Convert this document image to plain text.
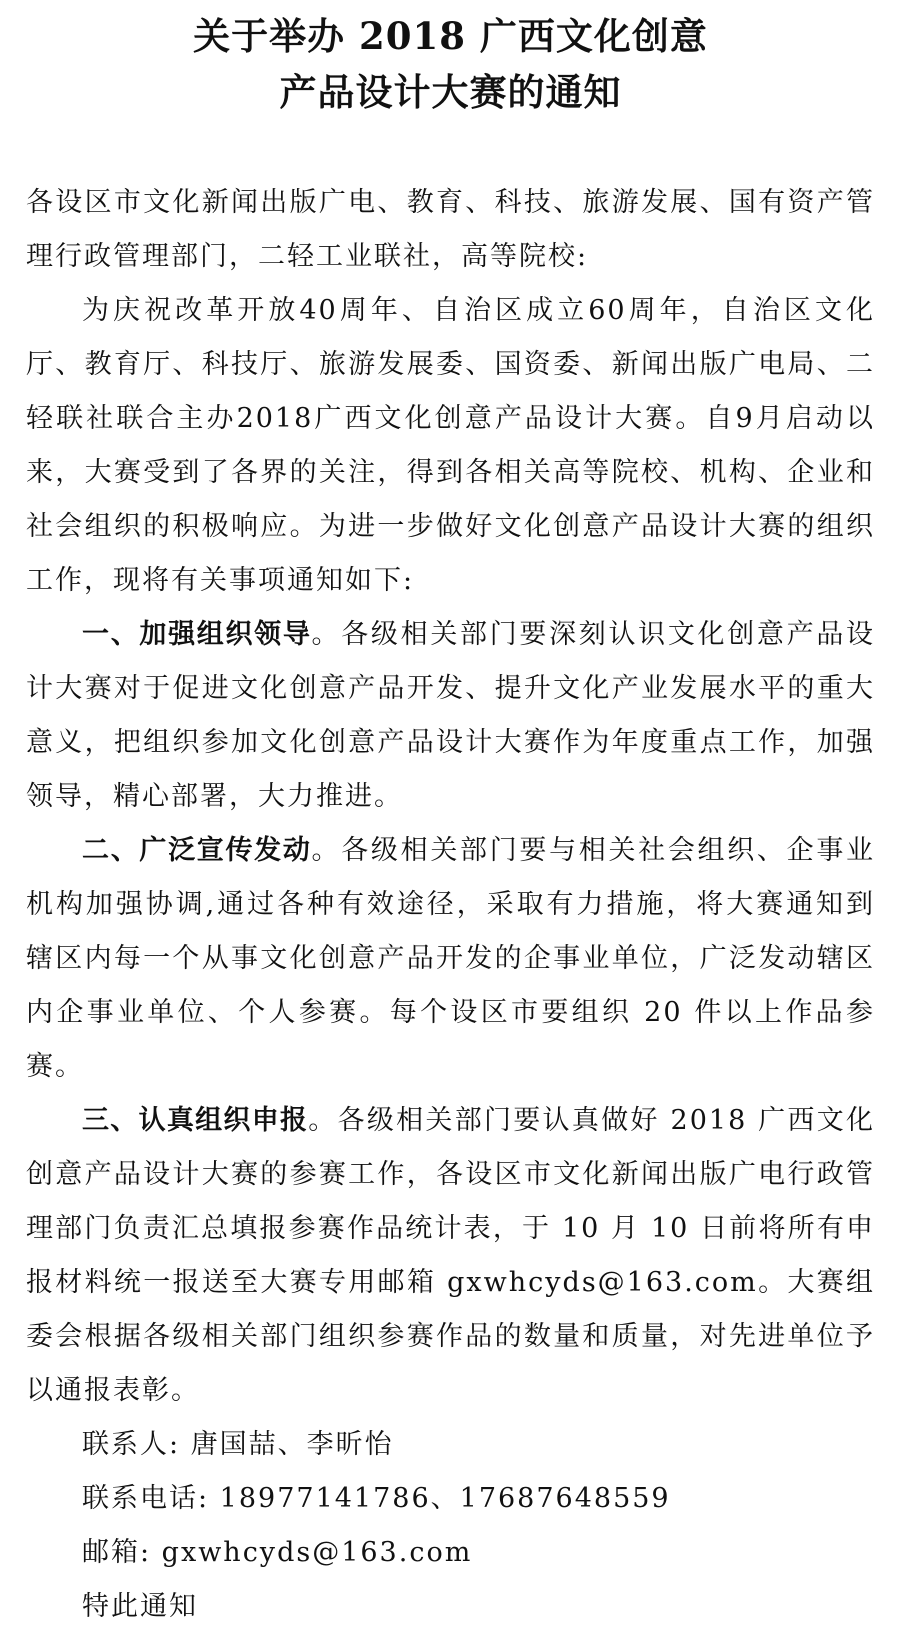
关于举办 2018 广西文化创意
产品设计大赛的通知

各设区市文化新闻出版广电、教育、科技、旅游发展、国有资产管理行政管理部门，二轻工业联社，高等院校:

为庆祝改革开放40周年、自治区成立60周年，自治区文化厅、教育厅、科技厅、旅游发展委、国资委、新闻出版广电局、二轻联社联合主办2018广西文化创意产品设计大赛。自9月启动以来，大赛受到了各界的关注，得到各相关高等院校、机构、企业和社会组织的积极响应。为进一步做好文化创意产品设计大赛的组织工作，现将有关事项通知如下:

一、加强组织领导。各级相关部门要深刻认识文化创意产品设计大赛对于促进文化创意产品开发、提升文化产业发展水平的重大意义，把组织参加文化创意产品设计大赛作为年度重点工作，加强领导，精心部署，大力推进。

二、广泛宣传发动。各级相关部门要与相关社会组织、企事业机构加强协调,通过各种有效途径，采取有力措施，将大赛通知到辖区内每一个从事文化创意产品开发的企事业单位，广泛发动辖区内企事业单位、个人参赛。每个设区市要组织 20 件以上作品参赛。

三、认真组织申报。各级相关部门要认真做好 2018 广西文化创意产品设计大赛的参赛工作，各设区市文化新闻出版广电行政管理部门负责汇总填报参赛作品统计表，于 10 月 10 日前将所有申报材料统一报送至大赛专用邮箱 gxwhcyds@163.com。大赛组委会根据各级相关部门组织参赛作品的数量和质量，对先进单位予以通报表彰。

联系人: 唐国喆、李昕怡

联系电话: 18977141786、17687648559

邮箱: gxwhcyds@163.com

特此通知
